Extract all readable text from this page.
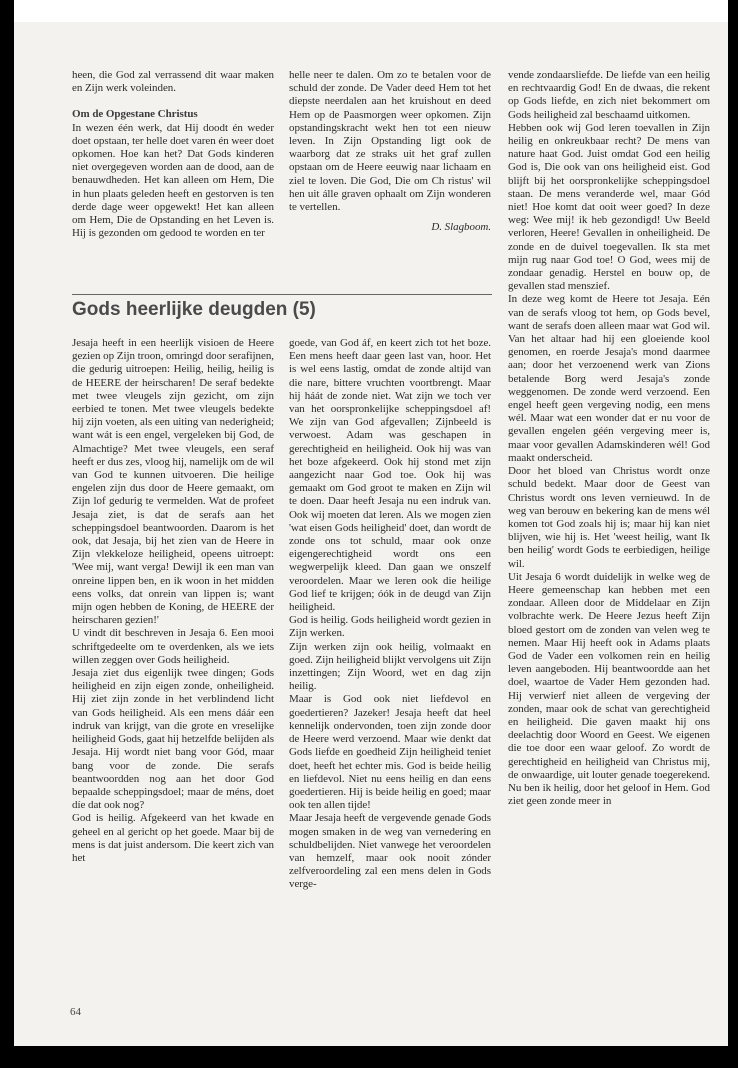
heen, die God zal verrassend dit waar maken en Zijn werk voleinden.

Om de Opgestane Christus

In wezen één werk, dat Hij doodt én weder doet opstaan, ter helle doet varen én weer doet opkomen. Hoe kan het? Dat Gods kinderen niet overgegeven worden aan de dood, aan de benauwdheden. Het kan alleen om Hem, Die in hun plaats geleden heeft en gestorven is ten derde dage weer opgewekt! Het kan alleen om Hem, Die de Opstanding en het Leven is. Hij is gezonden om gedood te worden en ter

helle neer te dalen. Om zo te betalen voor de schuld der zonde. De Vader deed Hem tot het diepste neerdalen aan het kruishout en deed Hem op de Paasmorgen weer opkomen. Zijn opstandingskracht wekt hen tot een nieuw leven. In Zijn Opstanding ligt ook de waarborg dat ze straks uit het graf zullen opstaan om de Heere eeuwig naar lichaam en ziel te loven. Die God, Die om Ch ristus' wil hen uit álle graven ophaalt om Zijn wonderen te vertellen.

D. Slagboom.

Gods heerlijke deugden (5)

Jesaja heeft in een heerlijk visioen de Heere gezien op Zijn troon, omringd door serafijnen, die gedurig uitroepen: Heilig, heilig, heilig is de HEERE der heirscharen! De seraf bedekte met twee vleugels zijn gezicht, om zijn eerbied te tonen. Met twee vleugels bedekte hij zijn voeten, als een uiting van nederigheid; want wát is een engel, vergeleken bij God, de Almachtige? Met twee vleugels, een seraf heeft er dus zes, vloog hij, namelijk om de wil van God te kunnen uitvoeren. Die heilige engelen zijn dus door de Heere gemaakt, om Zijn lof gedurig te vermelden. Wat de profeet Jesaja ziet, is dat de serafs aan het scheppingsdoel beantwoorden. Daarom is het ook, dat Jesaja, bij het zien van de Heere in Zijn vlekkeloze heiligheid, opeens uitroept: 'Wee mij, want verga! Dewijl ik een man van onreine lippen ben, en ik woon in het midden eens volks, dat onrein van lippen is; want mijn ogen hebben de Koning, de HEERE der heirscharen gezien!'

U vindt dit beschreven in Jesaja 6. Een mooi schriftgedeelte om te overdenken, als we iets willen zeggen over Gods heiligheid.

Jesaja ziet dus eigenlijk twee dingen; Gods heiligheid en zijn eigen zonde, onheiligheid. Hij ziet zijn zonde in het verblindend licht van Gods heiligheid. Als een mens dáár een indruk van krijgt, van die grote en vreselijke heiligheid Gods, gaat hij hetzelfde belijden als Jesaja. Hij wordt niet bang voor Gód, maar bang voor de zonde. Die serafs beantwoordden nog aan het door God bepaalde scheppingsdoel; maar de méns, doet díe dat ook nog?

God is heilig. Afgekeerd van het kwade en geheel en al gericht op het goede. Maar bij de mens is dat juist andersom. Die keert zich van het

goede, van God áf, en keert zich tot het boze. Een mens heeft daar geen last van, hoor. Het is wel eens lastig, omdat de zonde altijd van die nare, bittere vruchten voortbrengt. Maar hij háát de zonde niet. Wat zijn we toch ver van het oorspronkelijke scheppingsdoel af! We zijn van God afgevallen; Zijnbeeld is verwoest. Adam was geschapen in gerechtigheid en heiligheid. Ook hij was van het boze afgekeerd. Ook hij stond met zijn aangezicht naar God toe. Ook hij was gemaakt om God groot te maken en Zijn wil te doen. Daar heeft Jesaja nu een indruk van. Ook wij moeten dat leren. Als we mogen zien 'wat eisen Gods heiligheid' doet, dan wordt de zonde ons tot schuld, maar ook onze eigengerechtigheid wordt ons een wegwerpelijk kleed. Dan gaan we onszelf veroordelen. Maar we leren ook die heilige God lief te krijgen; óók in de deugd van Zijn heiligheid.

God is heilig. Gods heiligheid wordt gezien in Zijn werken.

Zijn werken zijn ook heilig, volmaakt en goed. Zijn heiligheid blijkt vervolgens uit Zijn inzettingen; Zijn Woord, wet en dag zijn heilig.

Maar is God ook niet liefdevol en goedertieren? Jazeker! Jesaja heeft dat heel kennelijk ondervonden, toen zijn zonde door de Heere werd verzoend. Maar wie denkt dat Gods liefde en goedheid Zijn heiligheid teniet doet, heeft het echter mis. God is beide heilig en liefdevol. Niet nu eens heilig en dan eens goedertieren. Hij is beide heilig en goed; maar ook ten allen tijde!

Maar Jesaja heeft de vergevende genade Gods mogen smaken in de weg van vernedering en schuldbelijden. Niet vanwege het veroordelen van hemzelf, maar ook nooit zónder zelfveroordeling zal een mens delen in Gods verge-

vende zondaarsliefde. De liefde van een heilig en rechtvaardig God! En de dwaas, die rekent op Gods liefde, en zich niet bekommert om Gods heiligheid zal beschaamd uitkomen.

Hebben ook wij God leren toevallen in Zijn heilig en onkreukbaar recht? De mens van nature haat God. Juist omdat God een heilig God is, Die ook van ons heiligheid eist. God blijft bij het oorspronkelijke scheppingsdoel staan. De mens veranderde wel, maar Gód niet! Hoe komt dat ooit weer goed? In deze weg: Wee mij! ik heb gezondigd! Uw Beeld verloren, Heere! Gevallen in onheiligheid. De zonde en de duivel toegevallen. Ik sta met mijn rug naar God toe! O God, wees mij de zondaar genadig. Herstel en bouw op, de gevallen stad menszief.

In deze weg komt de Heere tot Jesaja. Eén van de serafs vloog tot hem, op Gods bevel, want de serafs doen alleen maar wat God wil. Van het altaar had hij een gloeiende kool genomen, en roerde Jesaja's mond daarmee aan; door het verzoenend werk van Zions betalende Borg werd Jesaja's zonde weggenomen. De zonde werd verzoend. Een engel heeft geen vergeving nodig, een mens wél. Maar wat een wonder dat er nu voor de gevallen engelen géén vergeving meer is, maar voor gevallen Adamskinderen wél! God maakt onderscheid.

Door het bloed van Christus wordt onze schuld bedekt. Maar door de Geest van Christus wordt ons leven vernieuwd. In de weg van berouw en bekering kan de mens wél komen tot God zoals hij is; maar hij kan niet blijven, wie hij is. Het 'weest heilig, want Ik ben heilig' wordt Gods te eerbiedigen, heilige wil.

Uit Jesaja 6 wordt duidelijk in welke weg de Heere gemeenschap kan hebben met een zondaar. Alleen door de Middelaar en Zijn volbrachte werk. De Heere Jezus heeft Zijn bloed gestort om de zonden van velen weg te nemen. Maar Hij heeft ook in Adams plaats God de Vader een volkomen rein en heilig leven aangeboden. Hij beantwoordde aan het doel, waartoe de Vader Hem gezonden had. Hij verwierf niet alleen de vergeving der zonden, maar ook de schat van gerechtigheid en heiligheid. Die gaven maakt hij ons deelachtig door Woord en Geest. We eigenen die toe door een waar geloof. Zo wordt de gerechtigheid en heiligheid van Christus mij, de onwaardige, uit louter genade toegerekend. Nu ben ik heilig, door het geloof in Hem. God ziet geen zonde meer in

64
